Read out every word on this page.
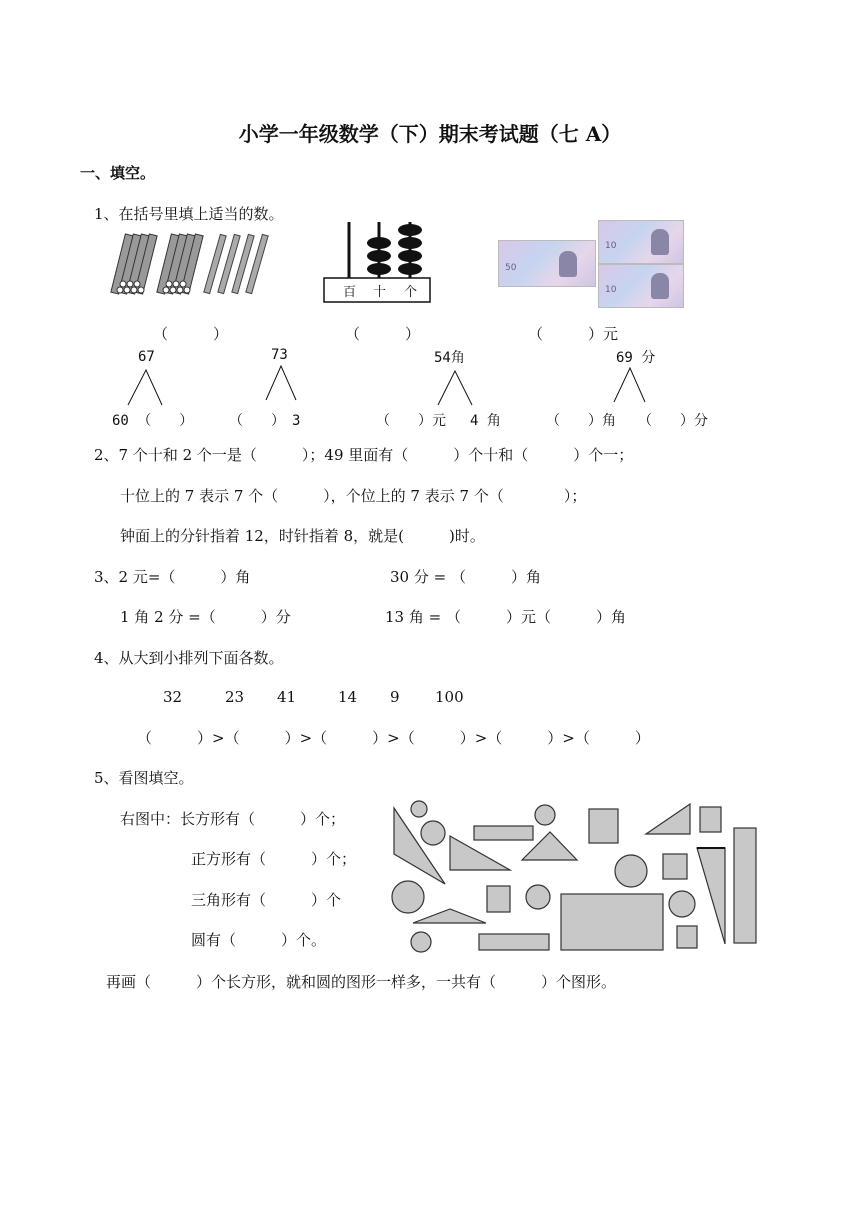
小学一年级数学（下）期末考试题（七 A）
一、填空。
1、在括号里填上适当的数。
百 十 个
50
10
10
（　　　）	（　　　）	（　　　）元
67
60 （　　）
73
（　　）　3
54角
（　　）元 4 角
69 分
（　　）角 （　　）分
2、7 个十和 2 个一是（　　　）；49 里面有（　　　）个十和（　　　）个一；
十位上的 7 表示 7 个（　　　），个位上的 7 表示 7 个（　　　　）；
钟面上的分针指着 12，时针指着 8，就是(　　　)时。
3、2 元=（　　　）角	30 分 = （　　　）角
1 角 2 分 =（　　　）分	13 角 = （　　　）元（　　　）角
4、从大到小排列下面各数。
32	23 41	14 9 100
（　　　）>（　　　）>（　　　）>（　　　）>（　　　）>（　　　）
5、看图填空。
右图中：长方形有（　　　）个；
正方形有（　　　）个；
三角形有（　　　）个
圆有（　　　）个。
再画（　　　）个长方形，就和圆的图形一样多，一共有（　　　）个图形。
